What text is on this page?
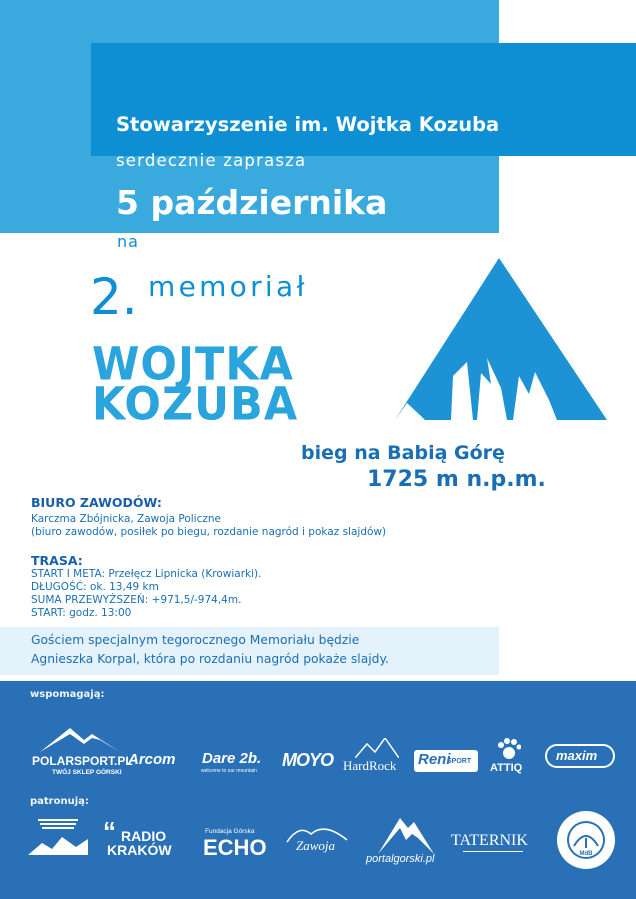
Stowarzyszenie im. Wojtka Kozuba
serdecznie zaprasza
5 października
na
2. memoriał
WOJTKA
KOZUBA
bieg na Babią Górę
1725 m n.p.m.
BIURO ZAWODÓW:
Karczma Zbójnicka, Zawoja Policzne
(biuro zawodów, posiłek po biegu, rozdanie nagród i pokaz slajdów)
TRASA:
START I META: Przełęcz Lipnicka (Krowiarki).
DŁUGOŚĆ: ok. 13,49 km
SUMA PRZEWYŻSZEŃ: +971,5/-974,4m.
START: godz. 13:00
Gościem specjalnym tegorocznego Memoriału będzie
Agnieszka Korpal, która po rozdaniu nagród pokaże slajdy.
wspomagają:
POLARSPORT.PL
TWÓJ SKLEP GÓRSKI
Arcom Dare 2b.
welcome to our mountain
MOYO HardRock Reni
SPORT
ATTIQ
maxim
patronują:
“ RADIO
KRAKÓW
Fundacja Górska
ECHO Zawoja
portalgorski.pl
TATERNIK
MdB
